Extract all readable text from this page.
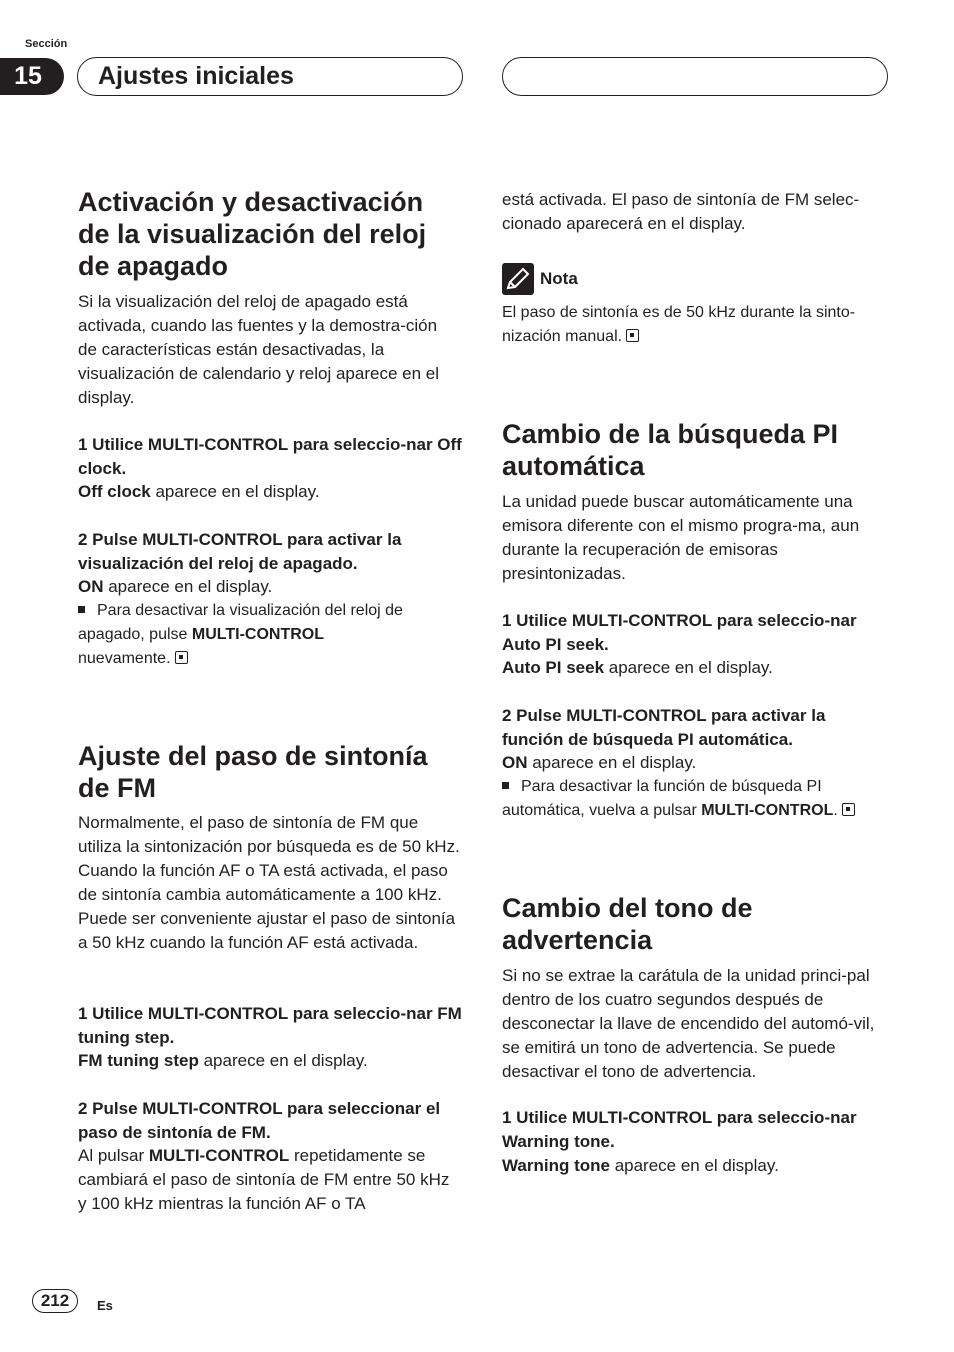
Sección
15	Ajustes iniciales
Activación y desactivación de la visualización del reloj de apagado

Si la visualización del reloj de apagado está activada, cuando las fuentes y la demostra-ción de características están desactivadas, la visualización de calendario y reloj aparece en el display.

1 Utilice MULTI-CONTROL para seleccio-nar Off clock.

Off clock aparece en el display.

2 Pulse MULTI-CONTROL para activar la visualización del reloj de apagado.

ON aparece en el display.

Para desactivar la visualización del reloj de apagado, pulse MULTI-CONTROL
nuevamente.

Ajuste del paso de sintonía de FM

Normalmente, el paso de sintonía de FM que utiliza la sintonización por búsqueda es de 50 kHz. Cuando la función AF o TA está activada, el paso de sintonía cambia automáticamente a 100 kHz. Puede ser conveniente ajustar el paso de sintonía a 50 kHz cuando la función AF está activada.

1 Utilice MULTI-CONTROL para seleccio-nar FM tuning step.

FM tuning step aparece en el display.

2 Pulse MULTI-CONTROL para seleccionar el paso de sintonía de FM.

Al pulsar MULTI-CONTROL repetidamente se cambiará el paso de sintonía de FM entre 50 kHz y 100 kHz mientras la función AF o TA

está activada. El paso de sintonía de FM selec-cionado aparecerá en el display.

Nota

El paso de sintonía es de 50 kHz durante la sinto-nización manual.

Cambio de la búsqueda PI automática

La unidad puede buscar automáticamente una emisora diferente con el mismo progra-ma, aun durante la recuperación de emisoras presintonizadas.

1 Utilice MULTI-CONTROL para seleccio-nar Auto PI seek.

Auto PI seek aparece en el display.

2 Pulse MULTI-CONTROL para activar la función de búsqueda PI automática.

ON aparece en el display.

Para desactivar la función de búsqueda PI automática, vuelva a pulsar MULTI-CONTROL.

Cambio del tono de advertencia

Si no se extrae la carátula de la unidad princi-pal dentro de los cuatro segundos después de desconectar la llave de encendido del automó-vil, se emitirá un tono de advertencia. Se puede desactivar el tono de advertencia.

1 Utilice MULTI-CONTROL para seleccio-nar Warning tone.

Warning tone aparece en el display.

212	Es
